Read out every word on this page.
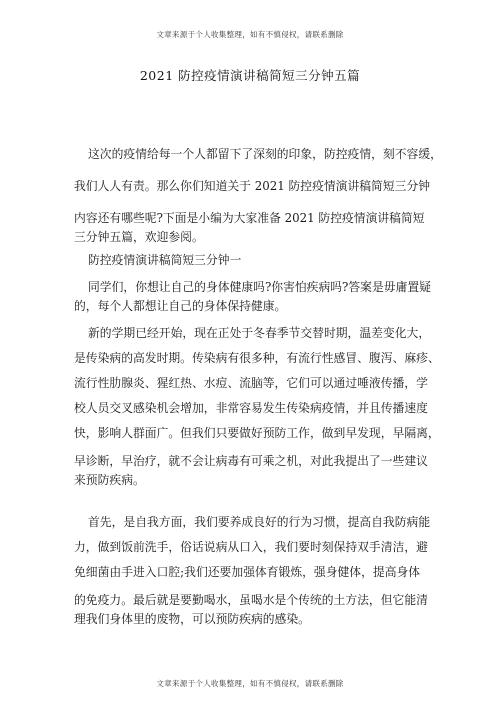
文章来源于个人收集整理，如有不慎侵权，请联系删除
2021 防控疫情演讲稿简短三分钟五篇
这次的疫情给每一个人都留下了深刻的印象，防控疫情，刻不容缓，
我们人人有责。那么你们知道关于 2021 防控疫情演讲稿简短三分钟
内容还有哪些呢?下面是小编为大家准备 2021 防控疫情演讲稿简短
三分钟五篇，欢迎参阅。
防控疫情演讲稿简短三分钟一
同学们，你想让自己的身体健康吗?你害怕疾病吗?答案是毋庸置疑
的，每个人都想让自己的身体保持健康。
新的学期已经开始，现在正处于冬春季节交替时期，温差变化大，
是传染病的高发时期。传染病有很多种，有流行性感冒、腹泻、麻疹、
流行性肋腺炎、猩红热、水痘、流脑等，它们可以通过唾液传播，学
校人员交叉感染机会增加，非常容易发生传染病疫情，并且传播速度
快，影响人群面广。但我们只要做好预防工作，做到早发现，早隔离，
早诊断，早治疗，就不会让病毒有可乘之机，对此我提出了一些建议
来预防疾病。
首先，是自我方面，我们要养成良好的行为习惯，提高自我防病能
力，做到饭前洗手，俗话说病从口入，我们要时刻保持双手清洁，避
免细菌由手进入口腔;我们还要加强体育锻炼，强身健体，提高身体
的免疫力。最后就是要勤喝水，虽喝水是个传统的土方法，但它能清
理我们身体里的废物，可以预防疾病的感染。
文章来源于个人收集整理，如有不慎侵权，请联系删除
